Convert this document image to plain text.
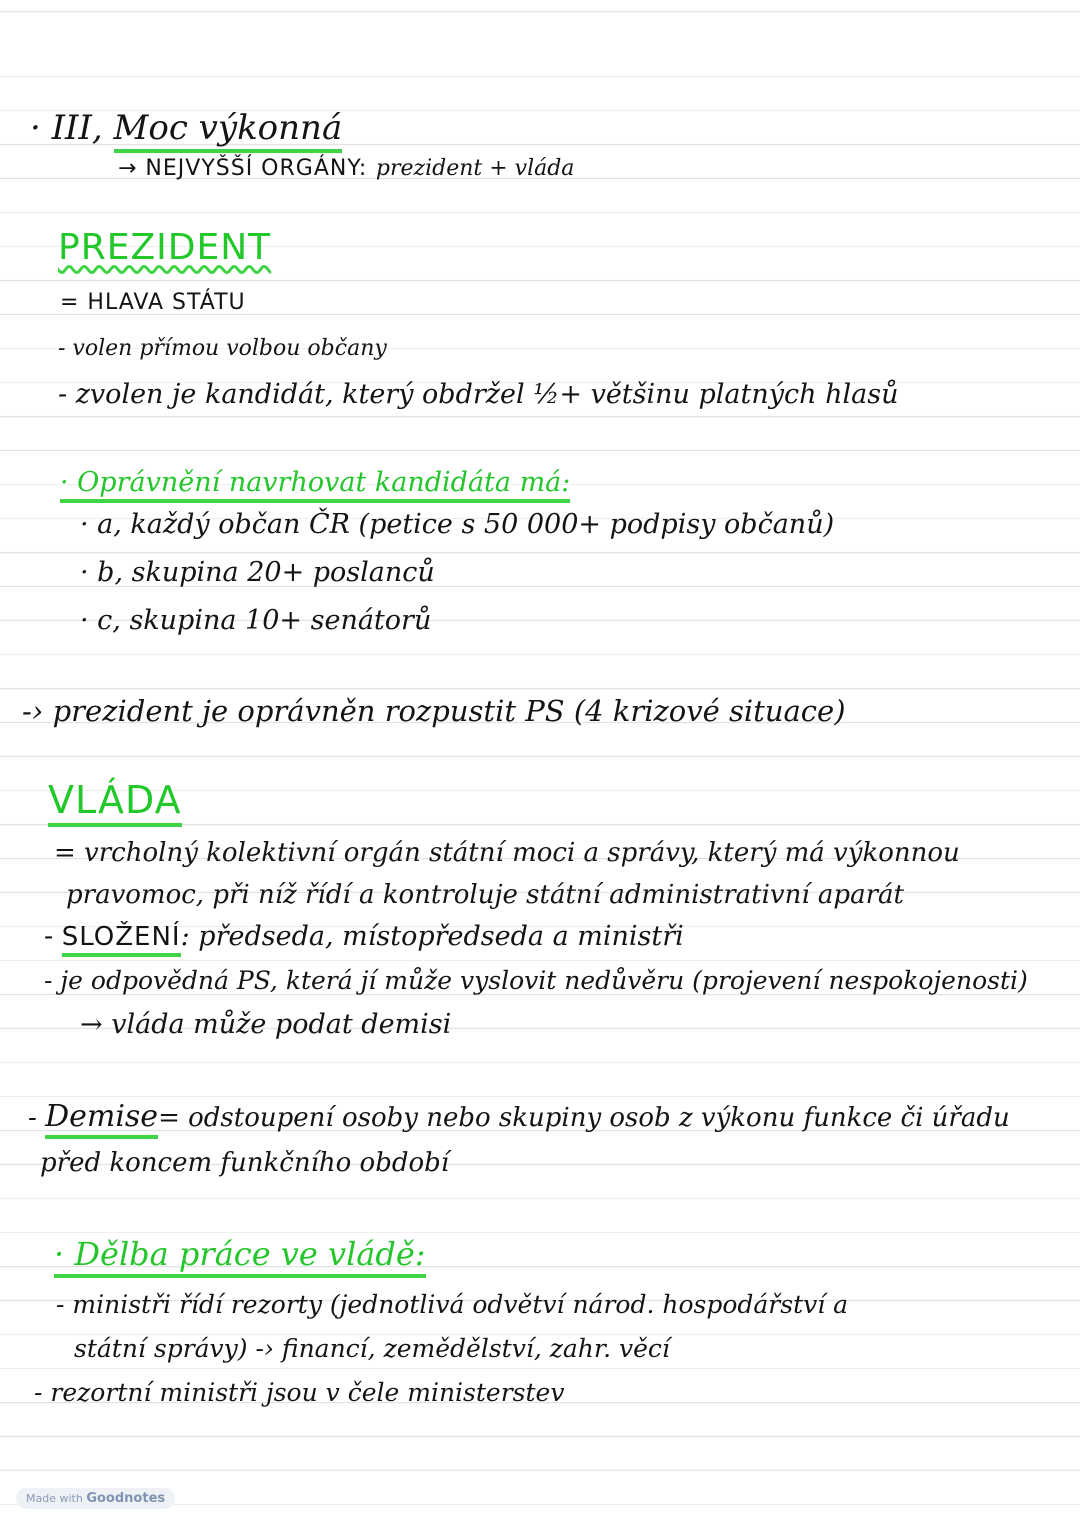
· III, Moc výkonná
→ NEJVYŠŠÍ ORGÁNY: prezident + vláda
PREZIDENT
= HLAVA STÁTU
- volen přímou volbou občany
- zvolen je kandidát, který obdržel ½+ většinu platných hlasů
· Oprávnění navrhovat kandidáta má:
· a, každý občan ČR (petice s 50 000+ podpisy občanů)
· b, skupina 20+ poslanců
· c, skupina 10+ senátorů
-› prezident je oprávněn rozpustit PS (4 krizové situace)
VLÁDA
= vrcholný kolektivní orgán státní moci a správy, který má výkonnou
pravomoc, při níž řídí a kontroluje státní administrativní aparát
- SLOŽENÍ: předseda, místopředseda a ministři
- je odpovědná PS, která jí může vyslovit nedůvěru (projevení nespokojenosti)
→ vláda může podat demisi
- Demise= odstoupení osoby nebo skupiny osob z výkonu funkce či úřadu
před koncem funkčního období
· Dělba práce ve vládě:
- ministři řídí rezorty (jednotlivá odvětví národ. hospodářství a
státní správy) -› financí, zemědělství, zahr. věcí
- rezortní ministři jsou v čele ministerstev
Made with Goodnotes
